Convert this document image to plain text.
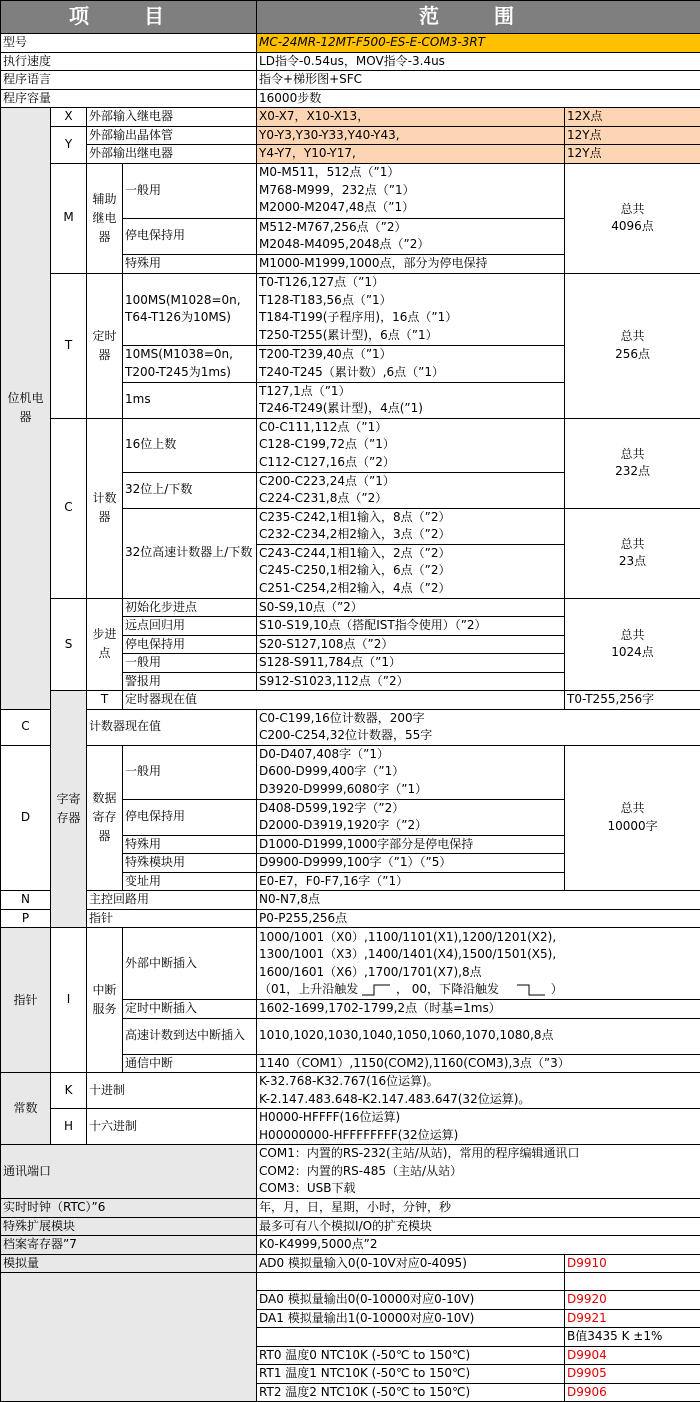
项 目				范 围	
型号				MC-24MR-12MT-F500-ES-E-COM3-3RT	
执行速度				LD指令-0.54us，MOV指令-3.4us	
程序语言				指令+梯形图+SFC	
程序容量				16000步数	
位机电器	X	外部输入继电器		X0-X7，X10-X13，	12X点
	Y	外部输出晶体管		Y0-Y3,Y30-Y33,Y40-Y43,	12Y点
		外部输出继电器		Y4-Y7，Y10-Y17,	12Y点
	M	辅助继电器	一般用	M0-M511，512点（”1）
M768-M999，232点（”1）
M2000-M2047,48点（”1）	总共
4096点
			停电保持用	M512-M767,256点（”2）
M2048-M4095,2048点（”2）	
			特殊用	M1000-M1999,1000点，部分为停电保持	
	T	定时器	100MS(M1028=0n,
T64-T126为10MS)	T0-T126,127点（”1）
T128-T183,56点（”1）
T184-T199(子程序用)，16点（”1）
T250-T255(累计型)，6点（”1）	总共
256点
			10MS(M1038=0n,
T200-T245为1ms)	T200-T239,40点（”1）
T240-T245（累计数）,6点（”1）	
			1ms	T127,1点（”1）
T246-T249(累计型)，4点(”1)	
	C	计数器	16位上数	C0-C111,112点（”1）
C128-C199,72点（”1）
C112-C127,16点（”2）	总共
232点
			32位上/下数	C200-C223,24点（”1）
C224-C231,8点（”2）	
			32位高速计数器上/下数	C235-C242,1相1输入，8点（”2）
C232-C234,2相2输入，3点（”2）	总共
23点
				C243-C244,1相1输入，2点（”2）
C245-C250,1相2输入，6点（”2）
C251-C254,2相2输入，4点（”2）	
	S	步进点	初始化步进点	S0-S9,10点（”2）	总共
1024点
			远点回归用	S10-S19,10点（搭配IST指令使用）（”2）	
			停电保持用	S20-S127,108点（”2）	
			一般用	S128-S911,784点（”1）	
			警报用	S912-S1023,112点（”2）	
	字寄存器	T	定时器现在值		T0-T255,256字
C		计数器现在值		C0-C199,16位计数器，200字
C200-C254,32位计数器，55字	
D		数据寄存器	一般用	D0-D407,408字（”1）
D600-D999,400字（”1）
D3920-D9999,6080字（”1）	总共
10000字
			停电保持用	D408-D599,192字（”2）
D2000-D3919,1920字（”2）	
			特殊用	D1000-D1999,1000字部分是停电保持	
			特殊模块用	D9900-D9999,100字（”1）（”5）	
			变址用	E0-E7，F0-F7,16字（”1）	
N		主控回路用		N0-N7,8点	
P		指针		P0-P255,256点	

指针	I	中断服务	外部中断插入	1000/1001（X0）,1100/1101(X1),1200/1201(X2),
1300/1001（X3）,1400/1401(X4),1500/1501(X5),
1600/1601（X6）,1700/1701(X7),8点
（01，上升沿触发 ， 00，下降沿触发 ）	

			定时中断插入	1602-1699,1702-1799,2点（时基=1ms）	
			高速计数到达中断插入	1010,1020,1030,1040,1050,1060,1070,1080,8点	
			通信中断	1140（COM1）,1150(COM2),1160(COM3),3点（”3）	
常数	K	十进制		K-32.768-K32.767(16位运算)。
K-2.147.483.648-K2.147.483.647(32位运算)。	
	H	十六进制		H0000-HFFFF(16位运算)
H00000000-HFFFFFFFF(32位运算)	
通讯端口				COM1：内置的RS-232(主站/从站)，常用的程序编辑通讯口
COM2：内置的RS-485（主站/从站）
COM3：USB下载	
实时时钟（RTC）”6				年，月，日，星期，小时，分钟，秒	
特殊扩展模块				最多可有八个模拟I/O的扩充模块	
档案寄存器”7				K0-K4999,5000点”2	
模拟量				AD0 模拟量输入0(0-10V对应0-4095)	D9910

				DA0 模拟量输出0(0-10000对应0-10V)	D9920
				DA1 模拟量输出1(0-10000对应0-10V)	D9921
					B值3435 K ±1%
				RT0 温度0 NTC10K (-50℃ to 150℃)	D9904
				RT1 温度1 NTC10K (-50℃ to 150℃)	D9905
				RT2 温度2 NTC10K (-50℃ to 150℃)	D9906
